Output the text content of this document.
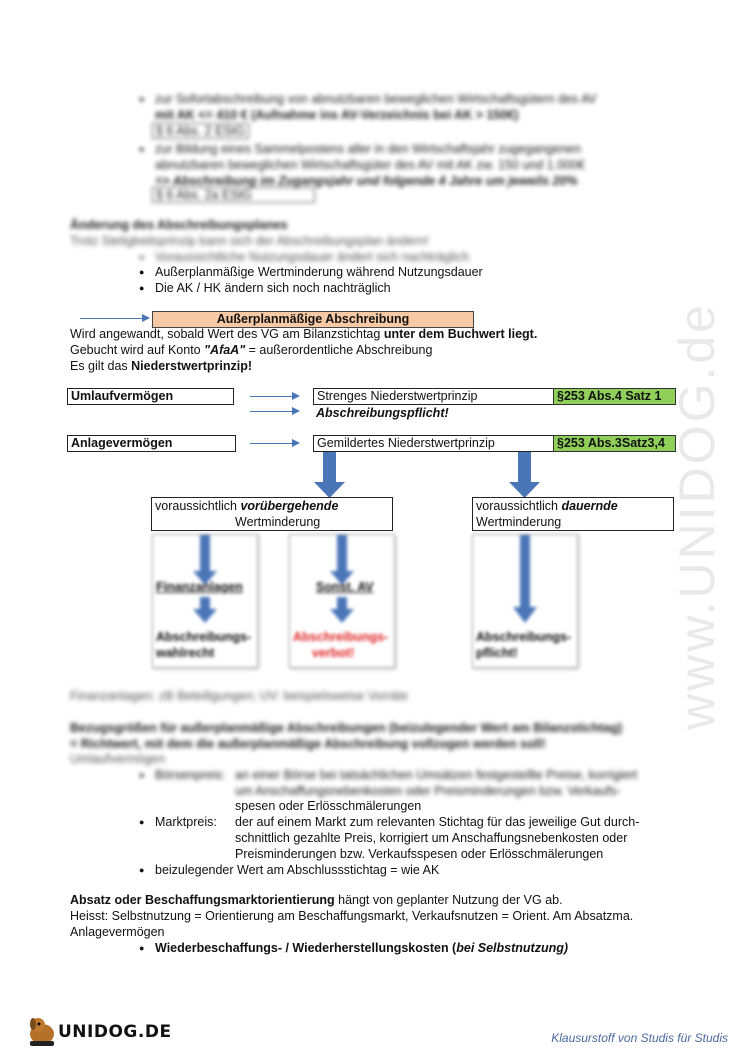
● zur Sofortabschreibung von abnutzbaren beweglichen Wirtschaftsgütern des AV
mit AK <= 410 € (Aufnahme ins AV-Verzeichnis bei AK > 150€)
§ 6 Abs. 2 EStG
● zur Bildung eines Sammelpostens aller in den Wirtschaftsjahr zugegangenen
abnutzbaren beweglichen Wirtschaftsgüter des AV mit AK zw. 150 und 1.000€
=> Abschreibung im Zugangsjahr und folgende 4 Jahre um jeweils 20%
§ 6 Abs. 2a EStG
Änderung des Abschreibungsplanes
Trotz Stetigkeitsprinzip kann sich der Abschreibungsplan ändern!
● Voraussichtliche Nutzungsdauer ändert sich nachträglich
● Außerplanmäßige Wertminderung während Nutzungsdauer
● Die AK / HK ändern sich noch nachträglich
Außerplanmäßige Abschreibung
Wird angewandt, sobald Wert des VG am Bilanzstichtag unter dem Buchwert liegt.
Gebucht wird auf Konto "AfaA" = außerordentliche Abschreibung
Es gilt das Niederstwertprinzip!
Umlaufvermögen	Strenges Niederstwertprinzip	§253 Abs.4 Satz 1
Abschreibungspflicht!
Anlagevermögen	Gemildertes Niederstwertprinzip	§253 Abs.3Satz3,4
voraussichtlich vorübergehende
Wertminderung
voraussichtlich dauernde
Wertminderung
Finanzanlagen
Abschreibungs-
wahlrecht
Sonst. AV
Abschreibungs-
verbot!
Abschreibungs-
pflicht!
Finanzanlagen: zB Beteiligungen; UV: beispielsweise Vorräte
Bezugsgrößen für außerplanmäßige Abschreibungen (beizulegender Wert am Bilanzstichtag)
= Richtwert, mit dem die außerplanmäßige Abschreibung vollzogen werden soll!
Umlaufvermögen
● Börsenpreis: an einer Börse bei tatsächlichen Umsätzen festgestellte Preise, korrigiert
um Anschaffungsnebenkosten oder Preisminderungen bzw. Verkaufs-
spesen oder Erlösschmälerungen
● Marktpreis: der auf einem Markt zum relevanten Stichtag für das jeweilige Gut durch-
schnittlich gezahlte Preis, korrigiert um Anschaffungsnebenkosten oder
Preisminderungen bzw. Verkaufsspesen oder Erlösschmälerungen
● beizulegender Wert am Abschlussstichtag = wie AK
Absatz oder Beschaffungsmarktorientierung hängt von geplanter Nutzung der VG ab.
Heisst: Selbstnutzung = Orientierung am Beschaffungsmarkt, Verkaufsnutzen = Orient. Am Absatzma.
Anlagevermögen
● Wiederbeschaffungs- / Wiederherstellungskosten (bei Selbstnutzung)
www.UNIDOG.de
UNIDOG.DE	Klausurstoff von Studis für Studis
